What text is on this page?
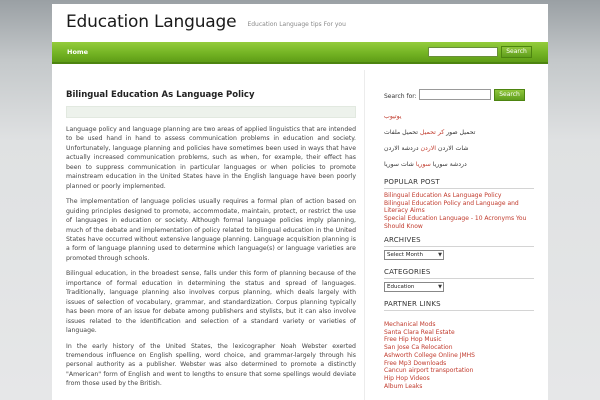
Education Language Education Language tips For you
Home	Search
Bilingual Education As Language Policy

Language policy and language planning are two areas of applied linguistics that are intended to be used hand in hand to assess communication problems in education and society. Unfortunately, language planning and policies have sometimes been used in ways that have actually increased communication problems, such as when, for example, their effect has been to suppress communication in particular languages or when policies to promote mainstream education in the United States have in the English language have been poorly planned or poorly implemented.

The implementation of language policies usually requires a formal plan of action based on guiding principles designed to promote, accommodate, maintain, protect, or restrict the use of languages in education or society. Although formal language policies imply planning, much of the debate and implementation of policy related to bilingual education in the United States have occurred without extensive language planning. Language acquisition planning is a form of language planning used to determine which language(s) or language varieties are promoted through schools.

Bilingual education, in the broadest sense, falls under this form of planning because of the importance of formal education in determining the status and spread of languages. Traditionally, language planning also involves corpus planning, which deals largely with issues of selection of vocabulary, grammar, and standardization. Corpus planning typically has been more of an issue for debate among publishers and stylists, but it can also involve issues related to the identification and selection of a standard variety or varieties of language.

In the early history of the United States, the lexicographer Noah Webster exerted tremendous influence on English spelling, word choice, and grammar-largely through his personal authority as a publisher. Webster was also determined to promote a distinctly "American" form of English and went to lengths to ensure that some spellings would deviate from those used by the British.

Search for:	Search
يوتيوب
تحميل صور كر تحميل تحميل ملفات
شات الاردن الاردن دردشة الاردن
دردشة سوريا سوريا شات سوريا
POPULAR POST
Bilingual Education As Language Policy
Bilingual Education Policy and Language and Literacy Aims
Special Education Language - 10 Acronyms You Should Know
ARCHIVES
Select Month	▼
CATEGORIES
Education	▼
PARTNER LINKS
Mechanical Mods
Santa Clara Real Estate
Free Hip Hop Music
San Jose Ca Relocation
Ashworth College Online JMHS
Free Mp3 Downloads
Cancun airport transportation
Hip Hop Videos
Album Leaks
